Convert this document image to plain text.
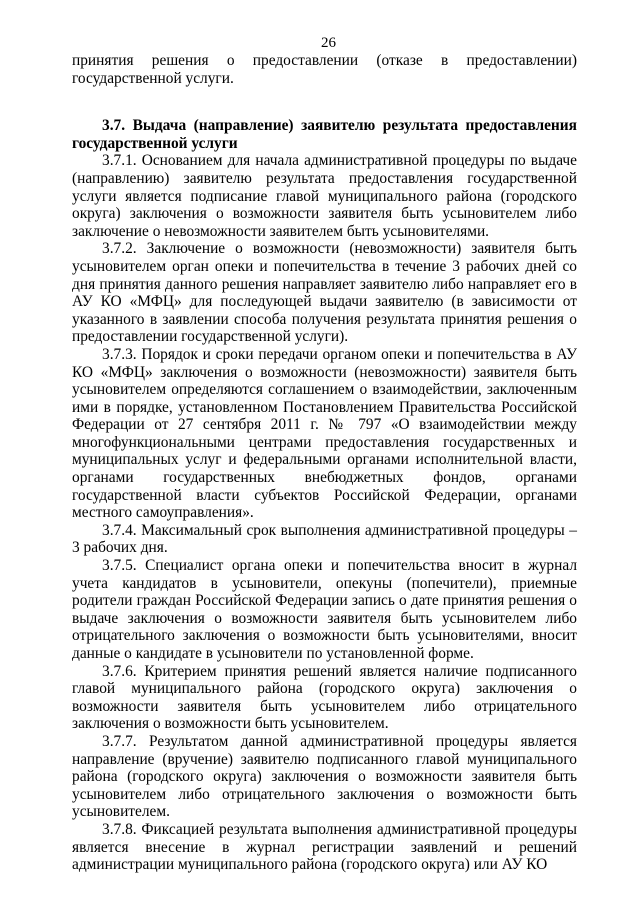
26

принятия решения о предоставлении (отказе в предоставлении) государственной услуги.

3.7. Выдача (направление) заявителю результата предоставления государственной услуги

3.7.1. Основанием для начала административной процедуры по выдаче (направлению) заявителю результата предоставления государственной услуги является подписание главой муниципального района (городского округа) заключения о возможности заявителя быть усыновителем либо заключение о невозможности заявителем быть усыновителями.

3.7.2. Заключение о возможности (невозможности) заявителя быть усыновителем орган опеки и попечительства в течение 3 рабочих дней со дня принятия данного решения направляет заявителю либо направляет его в АУ КО «МФЦ» для последующей выдачи заявителю (в зависимости от указанного в заявлении способа получения результата принятия решения о предоставлении государственной услуги).

3.7.3. Порядок и сроки передачи органом опеки и попечительства в АУ КО «МФЦ» заключения о возможности (невозможности) заявителя быть усыновителем определяются соглашением о взаимодействии, заключенным ими в порядке, установленном Постановлением Правительства Российской Федерации от 27 сентября 2011 г. № 797 «О взаимодействии между многофункциональными центрами предоставления государственных и муниципальных услуг и федеральными органами исполнительной власти, органами государственных внебюджетных фондов, органами государственной власти субъектов Российской Федерации, органами местного самоуправления».

3.7.4. Максимальный срок выполнения административной процедуры – 3 рабочих дня.

3.7.5. Специалист органа опеки и попечительства вносит в журнал учета кандидатов в усыновители, опекуны (попечители), приемные родители граждан Российской Федерации запись о дате принятия решения о выдаче заключения о возможности заявителя быть усыновителем либо отрицательного заключения о возможности быть усыновителями, вносит данные о кандидате в усыновители по установленной форме.

3.7.6. Критерием принятия решений является наличие подписанного главой муниципального района (городского округа) заключения о возможности заявителя быть усыновителем либо отрицательного заключения о возможности быть усыновителем.

3.7.7. Результатом данной административной процедуры является направление (вручение) заявителю подписанного главой муниципального района (городского округа) заключения о возможности заявителя быть усыновителем либо отрицательного заключения о возможности быть усыновителем.

3.7.8. Фиксацией результата выполнения административной процедуры является внесение в журнал регистрации заявлений и решений администрации муниципального района (городского округа) или АУ КО
